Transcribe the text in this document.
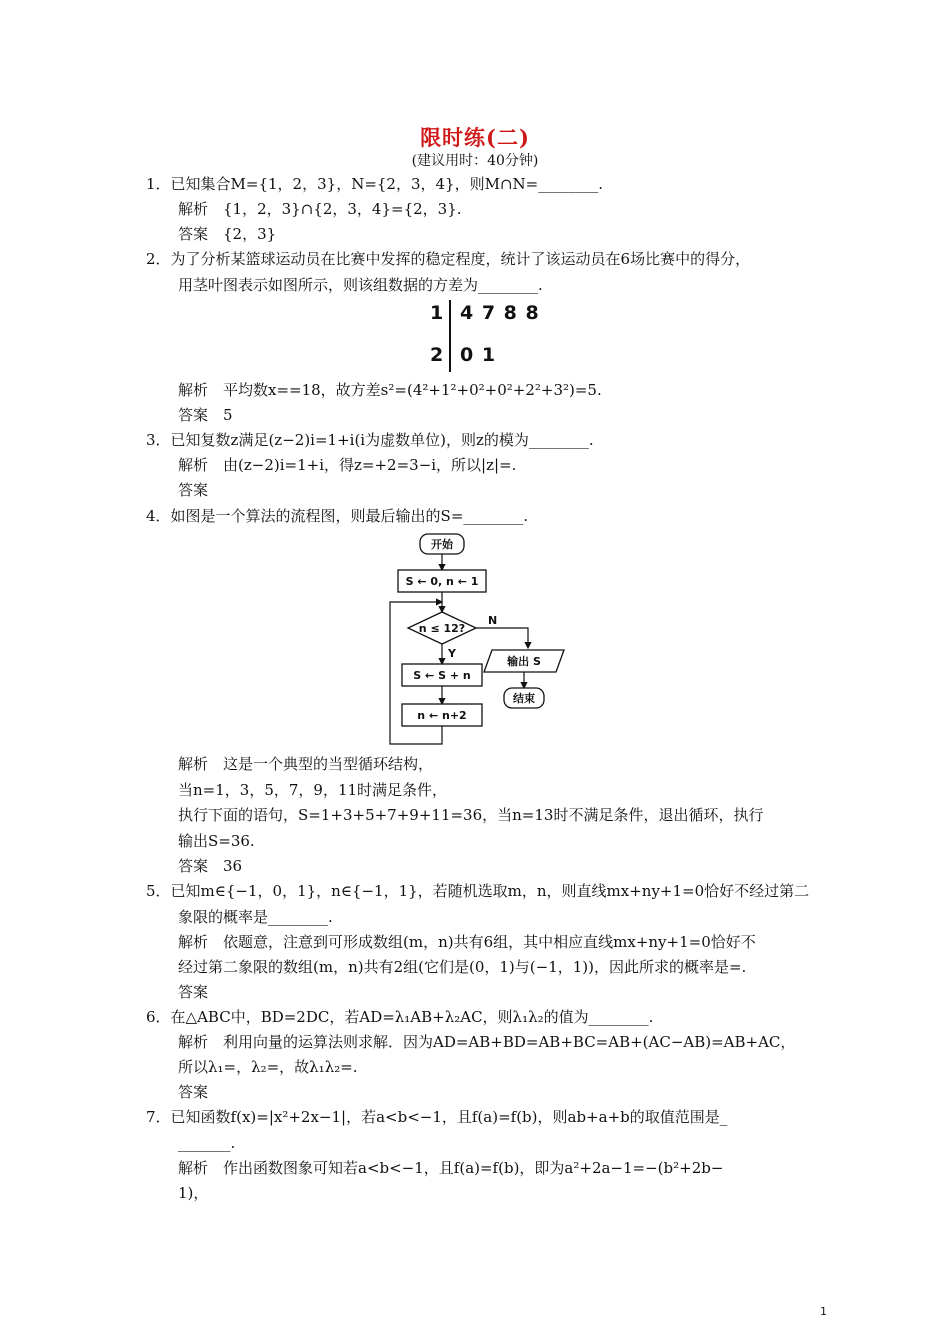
限时练(二)
(建议用时：40分钟)
1．已知集合M={1，2，3}，N={2，3，4}，则M∩N=________.
解析　{1，2，3}∩{2，3，4}={2，3}.
答案　{2，3}
2．为了分析某篮球运动员在比赛中发挥的稳定程度，统计了该运动员在6场比赛中的得分，
用茎叶图表示如图所示，则该组数据的方差为________.
1 4 7 8 8
2 0 1
解析　平均数x==18，故方差s²=(4²+1²+0²+0²+2²+3²)=5.
答案　5
3．已知复数z满足(z−2)i=1+i(i为虚数单位)，则z的模为________.
解析　由(z−2)i=1+i，得z=+2=3−i，所以|z|=.
答案
4．如图是一个算法的流程图，则最后输出的S=________.
开始
S ← 0, n ← 1
n ≤ 12?
N
输出 S
结束
Y
S ← S + n
n ← n+2
解析　这是一个典型的当型循环结构，
当n=1，3，5，7，9，11时满足条件，
执行下面的语句，S=1+3+5+7+9+11=36，当n=13时不满足条件，退出循环，执行
输出S=36.
答案　36
5．已知m∈{−1，0，1}，n∈{−1，1}，若随机选取m，n，则直线mx+ny+1=0恰好不经过第二
象限的概率是________.
解析　依题意，注意到可形成数组(m，n)共有6组，其中相应直线mx+ny+1=0恰好不
经过第二象限的数组(m，n)共有2组(它们是(0，1)与(−1，1))，因此所求的概率是=.
答案
6．在△ABC中，BD=2DC，若AD=λ₁AB+λ₂AC，则λ₁λ₂的值为________.
解析　利用向量的运算法则求解．因为AD=AB+BD=AB+BC=AB+(AC−AB)=AB+AC，
所以λ₁=，λ₂=，故λ₁λ₂=.
答案
7．已知函数f(x)=|x²+2x−1|，若a<b<−1，且f(a)=f(b)，则ab+a+b的取值范围是_
_______.
解析　作出函数图象可知若a<b<−1，且f(a)=f(b)，即为a²+2a−1=−(b²+2b−
1)，
1
